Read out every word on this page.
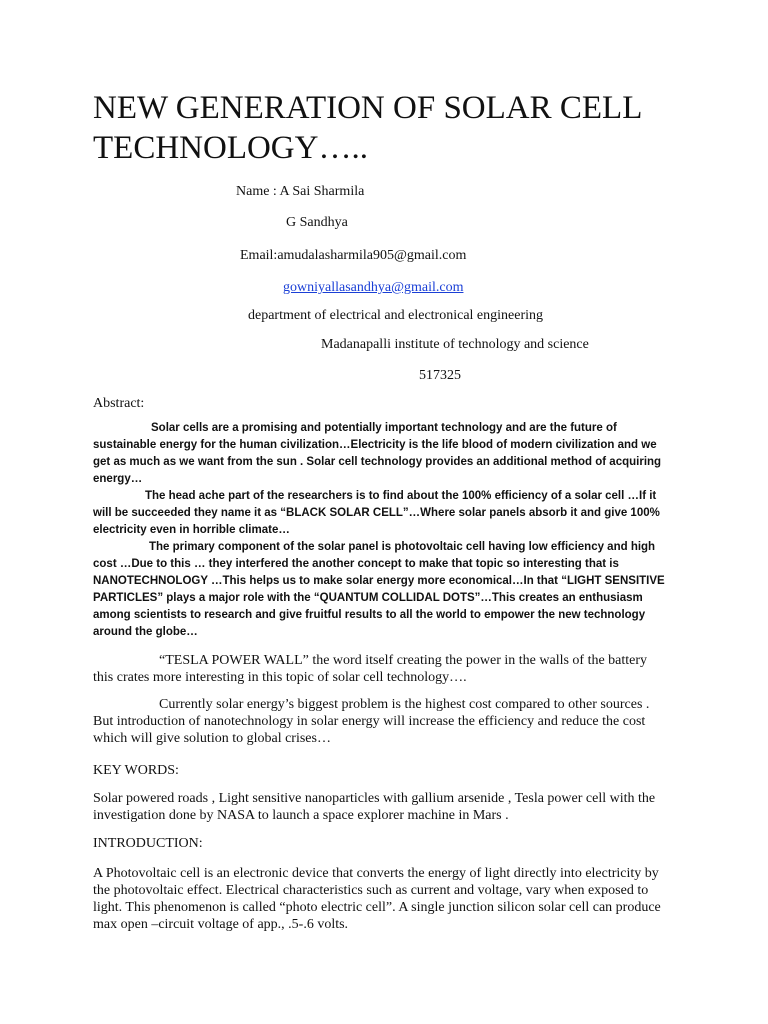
NEW GENERATION OF SOLAR CELL TECHNOLOGY…..
Name : A Sai Sharmila
G Sandhya
Email:amudalasharmila905@gmail.com
gowniyallasandhya@gmail.com
department of electrical and electronical engineering
Madanapalli institute of technology and science
517325
Abstract:

Solar cells are a promising and potentially important technology and are the future of sustainable energy for the human civilization…Electricity is the life blood of modern civilization and we get as much as we want from the sun . Solar cell technology provides an additional method of acquiring energy…

The head ache part of the researchers is to find about the 100% efficiency of a solar cell …If it will be succeeded they name it as “BLACK SOLAR CELL”…Where solar panels absorb it and give 100% electricity even in horrible climate…

The primary component of the solar panel is photovoltaic cell having low efficiency and high cost …Due to this … they interfered the another concept to make that topic so interesting that is NANOTECHNOLOGY …This helps us to make solar energy more economical…In that “LIGHT SENSITIVE PARTICLES” plays a major role with the “QUANTUM COLLIDAL DOTS”…This creates an enthusiasm among scientists to research and give fruitful results to all the world to empower the new technology around the globe…

“TESLA POWER WALL” the word itself creating the power in the walls of the battery this crates more interesting in this topic of solar cell technology….

Currently solar energy’s biggest problem is the highest cost compared to other sources . But introduction of nanotechnology in solar energy will increase the efficiency and reduce the cost which will give solution to global crises…

KEY WORDS:

Solar powered roads , Light sensitive nanoparticles with gallium arsenide , Tesla power cell with the investigation done by NASA to launch a space explorer machine in Mars .

INTRODUCTION:

A Photovoltaic cell is an electronic device that converts the energy of light directly into electricity by the photovoltaic effect. Electrical characteristics such as current and voltage, vary when exposed to light. This phenomenon is called “photo electric cell”. A single junction silicon solar cell can produce max open –circuit voltage of app., .5-.6 volts.
